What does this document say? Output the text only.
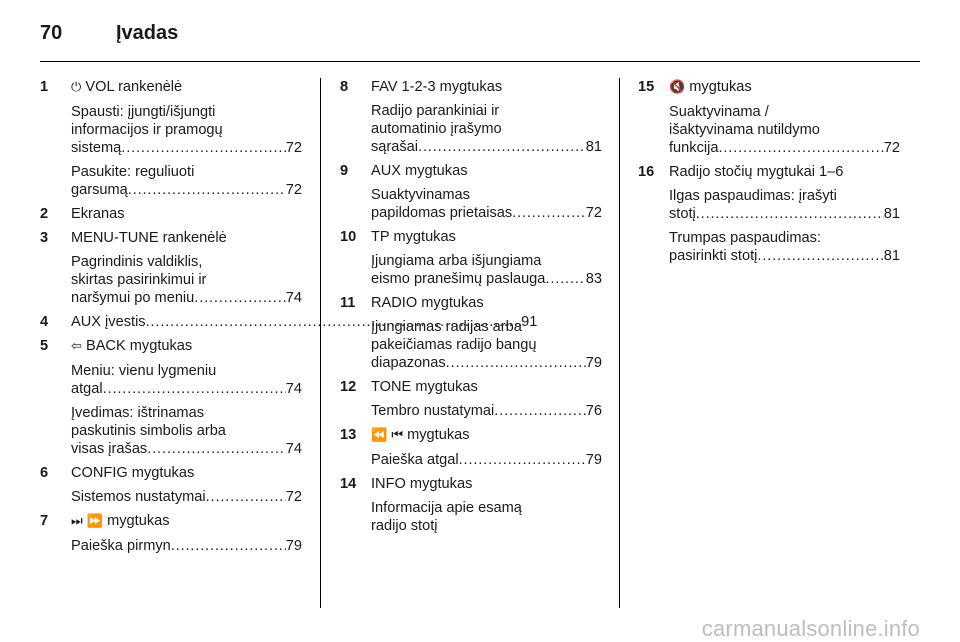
70	Įvadas
1	⏻ VOL rankenėlė
Spausti: įjungti/išjungti
informacijos ir pramogų
sistemą . . .	72
Pasukite: reguliuoti
garsumą . . .	72
2	Ekranas
3	MENU-TUNE rankenėlė
Pagrindinis valdiklis,
skirtas pasirinkimui ir
naršymui po meniu . . .	74
4	AUX įvestis . . .	91
5	⇦ BACK mygtukas
Meniu: vienu lygmeniu
atgal . . .	74
Įvedimas: ištrinamas
paskutinis simbolis arba
visas įrašas . . .	74
6	CONFIG mygtukas
Sistemos nustatymai . . .	72
7	⏭ ⏩ mygtukas
Paieška pirmyn . . .	79
8	FAV 1-2-3 mygtukas
Radijo parankiniai ir
automatinio įrašymo
sąrašai . . .	81
9	AUX mygtukas
Suaktyvinamas
papildomas prietaisas . . .	72
10	TP mygtukas
Įjungiama arba išjungiama
eismo pranešimų paslauga . . .	83
11	RADIO mygtukas
Įjungiamas radijas arba
pakeičiamas radijo bangų
diapazonas . . .	79
12	TONE mygtukas
Tembro nustatymai . . .	76
13	⏪ ⏮ mygtukas
Paieška atgal . . .	79
14	INFO mygtukas
Informacija apie esamą
radijo stotį
15	🔇 mygtukas
Suaktyvinama /
išaktyvinama nutildymo
funkcija . . .	72
16	Radijo stočių mygtukai 1–6
Ilgas paspaudimas: įrašyti
stotį . . .	81
Trumpas paspaudimas:
pasirinkti stotį . . .	81
carmanualsonline.info
